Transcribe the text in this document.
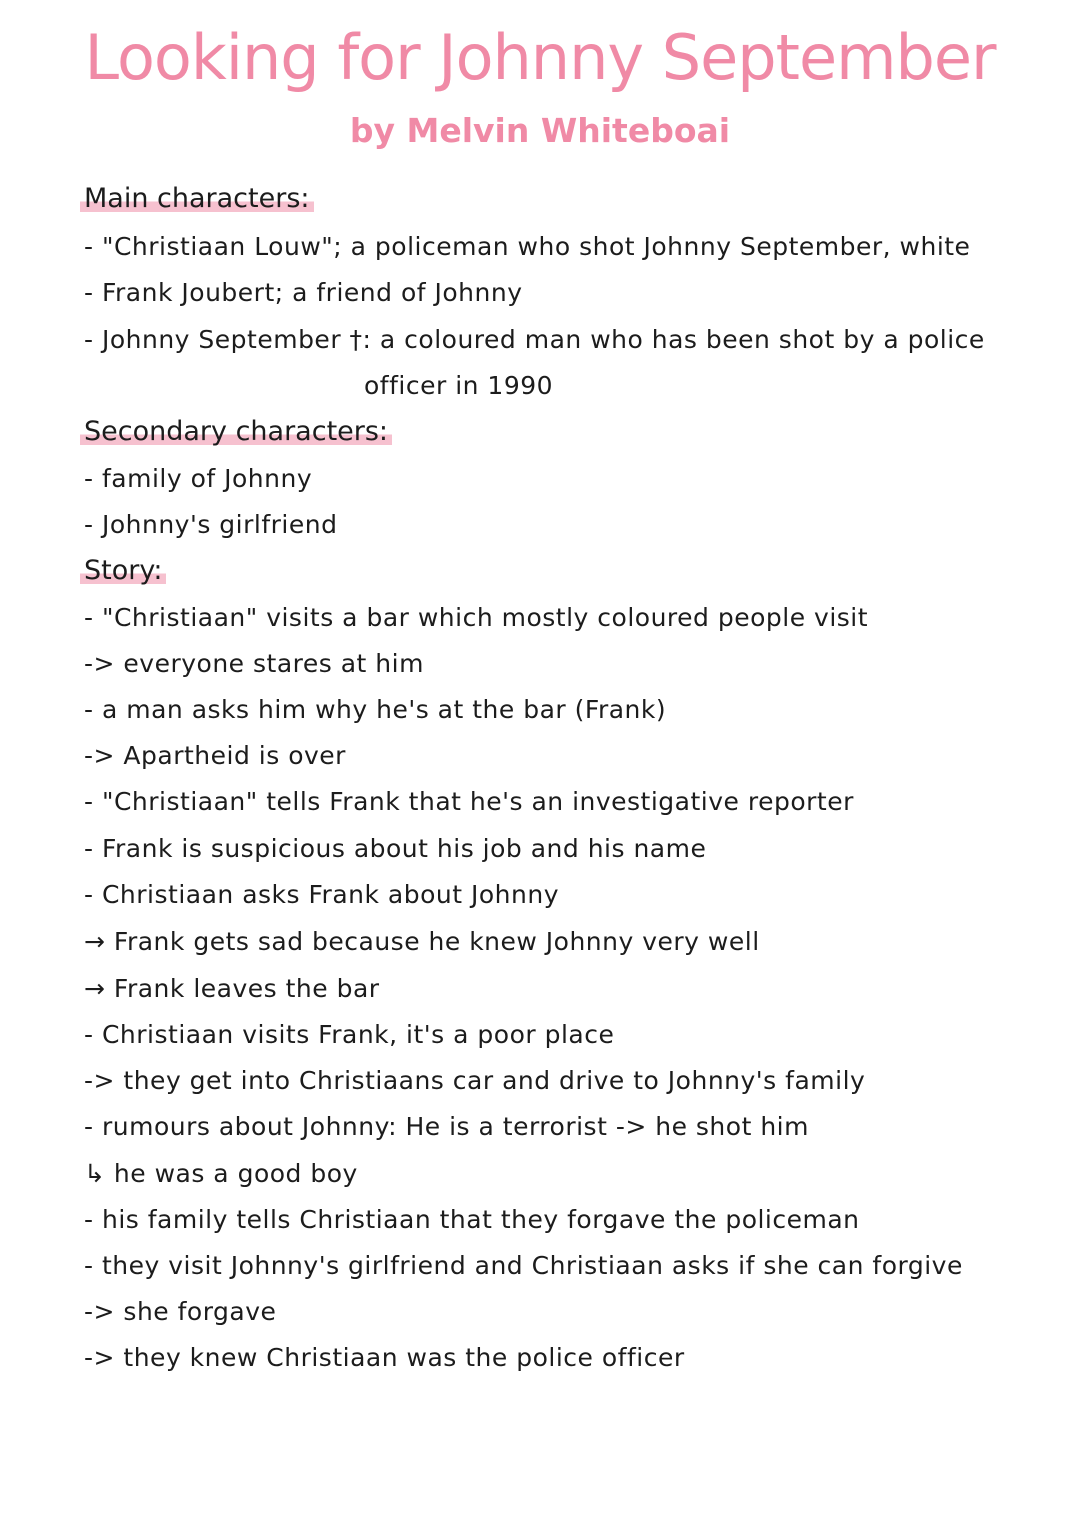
Looking for Johnny September
by Melvin Whiteboai
Main characters:
- "Christiaan Louw"; a policeman who shot Johnny September, white
- Frank Joubert; a friend of Johnny
- Johnny September †: a coloured man who has been shot by a police
officer in 1990
Secondary characters:
- family of Johnny
- Johnny's girlfriend
Story:
- "Christiaan" visits a bar which mostly coloured people visit
-> everyone stares at him
- a man asks him why he's at the bar (Frank)
-> Apartheid is over
- "Christiaan" tells Frank that he's an investigative reporter
- Frank is suspicious about his job and his name
- Christiaan asks Frank about Johnny
→ Frank gets sad because he knew Johnny very well
→ Frank leaves the bar
- Christiaan visits Frank, it's a poor place
-> they get into Christiaans car and drive to Johnny's family
- rumours about Johnny: He is a terrorist -> he shot him
↳ he was a good boy
- his family tells Christiaan that they forgave the policeman
- they visit Johnny's girlfriend and Christiaan asks if she can forgive
-> she forgave
-> they knew Christiaan was the police officer
